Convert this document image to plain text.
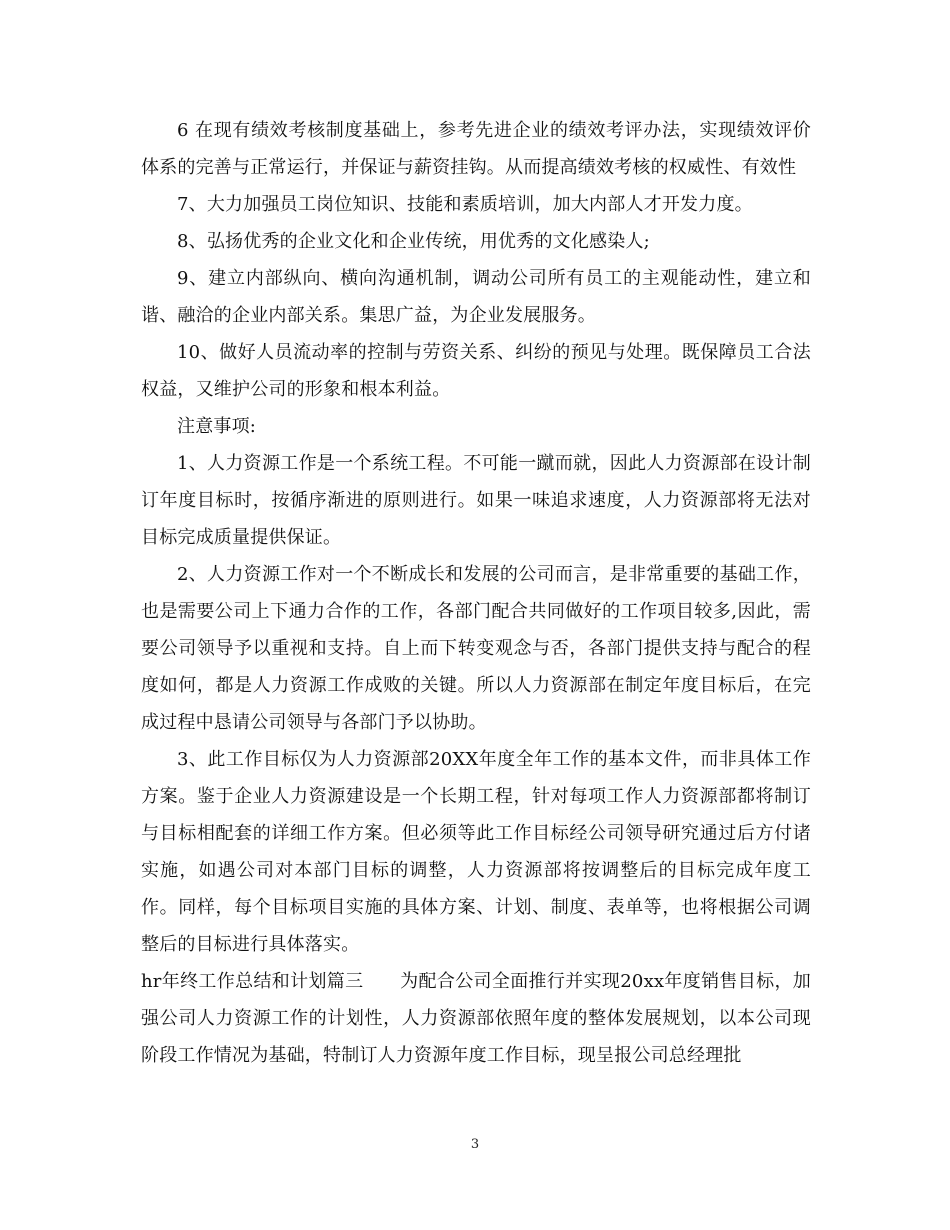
6 在现有绩效考核制度基础上，参考先进企业的绩效考评办法，实现绩效评价体系的完善与正常运行，并保证与薪资挂钩。从而提高绩效考核的权威性、有效性

7、大力加强员工岗位知识、技能和素质培训，加大内部人才开发力度。

8、弘扬优秀的企业文化和企业传统，用优秀的文化感染人;

9、建立内部纵向、横向沟通机制，调动公司所有员工的主观能动性，建立和谐、融洽的企业内部关系。集思广益，为企业发展服务。

10、做好人员流动率的控制与劳资关系、纠纷的预见与处理。既保障员工合法权益，又维护公司的形象和根本利益。

注意事项:

1、人力资源工作是一个系统工程。不可能一蹴而就，因此人力资源部在设计制订年度目标时，按循序渐进的原则进行。如果一味追求速度，人力资源部将无法对目标完成质量提供保证。

2、人力资源工作对一个不断成长和发展的公司而言，是非常重要的基础工作，也是需要公司上下通力合作的工作，各部门配合共同做好的工作项目较多,因此，需要公司领导予以重视和支持。自上而下转变观念与否，各部门提供支持与配合的程度如何，都是人力资源工作成败的关键。所以人力资源部在制定年度目标后，在完成过程中恳请公司领导与各部门予以协助。

3、此工作目标仅为人力资源部20XX年度全年工作的基本文件，而非具体工作方案。鉴于企业人力资源建设是一个长期工程，针对每项工作人力资源部都将制订与目标相配套的详细工作方案。但必须等此工作目标经公司领导研究通过后方付诸实施，如遇公司对本部门目标的调整，人力资源部将按调整后的目标完成年度工作。同样，每个目标项目实施的具体方案、计划、制度、表单等，也将根据公司调整后的目标进行具体落实。

hr年终工作总结和计划篇三　　为配合公司全面推行并实现20xx年度销售目标，加强公司人力资源工作的计划性，人力资源部依照年度的整体发展规划，以本公司现阶段工作情况为基础，特制订人力资源年度工作目标，现呈报公司总经理批

3
